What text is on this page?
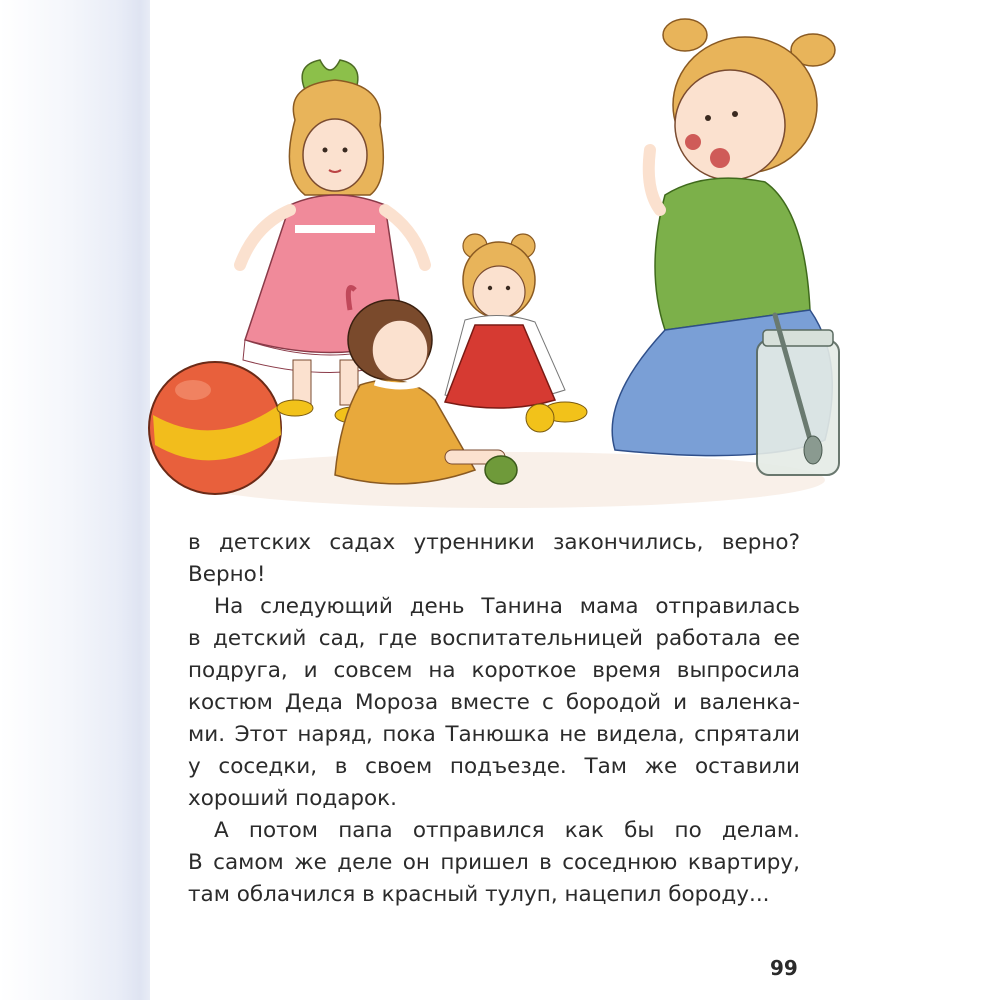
в детских садах утренники закончились, верно?
Верно!
На следующий день Танина мама отправилась
в детский сад, где воспитательницей работала ее
подруга, и совсем на короткое время выпросила
костюм Деда Мороза вместе с бородой и валенка-
ми. Этот наряд, пока Танюшка не видела, спрятали
у соседки, в своем подъезде. Там же оставили
хороший подарок.
А потом папа отправился как бы по делам.
В самом же деле он пришел в соседнюю квартиру,
там облачился в красный тулуп, нацепил бороду...
99
